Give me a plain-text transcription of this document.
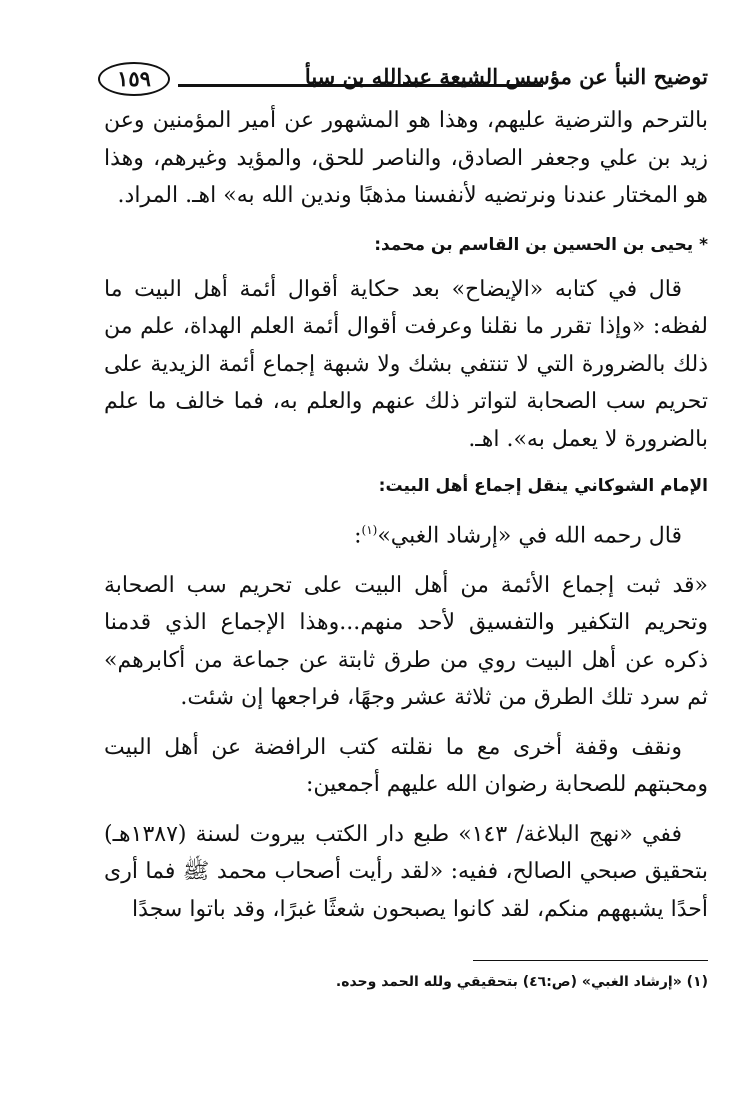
١٥٩	توضيح النبأ عن مؤسس الشيعة عبدالله بن سبأ

بالترحم والترضية عليهم، وهذا هو المشهور عن أمير المؤمنين وعن زيد بن علي وجعفر الصادق، والناصر للحق، والمؤيد وغيرهم، وهذا هو المختار عندنا ونرتضيه لأنفسنا مذهبًا وندين الله به» اهـ. المراد.

* يحيى بن الحسين بن القاسم بن محمد:

قال في كتابه «الإيضاح» بعد حكاية أقوال أئمة أهل البيت ما لفظه: «وإذا تقرر ما نقلنا وعرفت أقوال أئمة العلم الهداة، علم من ذلك بالضرورة التي لا تنتفي بشك ولا شبهة إجماع أئمة الزيدية على تحريم سب الصحابة لتواتر ذلك عنهم والعلم به، فما خالف ما علم بالضرورة لا يعمل به». اهـ.

الإمام الشوكاني ينقل إجماع أهل البيت:

قال رحمه الله في «إرشاد الغبي»$^{(١)}$:

«قد ثبت إجماع الأئمة من أهل البيت على تحريم سب الصحابة وتحريم التكفير والتفسيق لأحد منهم...وهذا الإجماع الذي قدمنا ذكره عن أهل البيت روي من طرق ثابتة عن جماعة من أكابرهم» ثم سرد تلك الطرق من ثلاثة عشر وجهًا، فراجعها إن شئت.

ونقف وقفة أخرى مع ما نقلته كتب الرافضة عن أهل البيت ومحبتهم للصحابة رضوان الله عليهم أجمعين:

ففي «نهج البلاغة/ ١٤٣» طبع دار الكتب بيروت لسنة (١٣٨٧هـ) بتحقيق صبحي الصالح، ففيه: «لقد رأيت أصحاب محمد ﷺ فما أرى أحدًا يشبههم منكم، لقد كانوا يصبحون شعثًا غبرًا، وقد باتوا سجدًا

(١) «إرشاد الغبي» (ص:٤٦) بتحقيقي ولله الحمد وحده.
